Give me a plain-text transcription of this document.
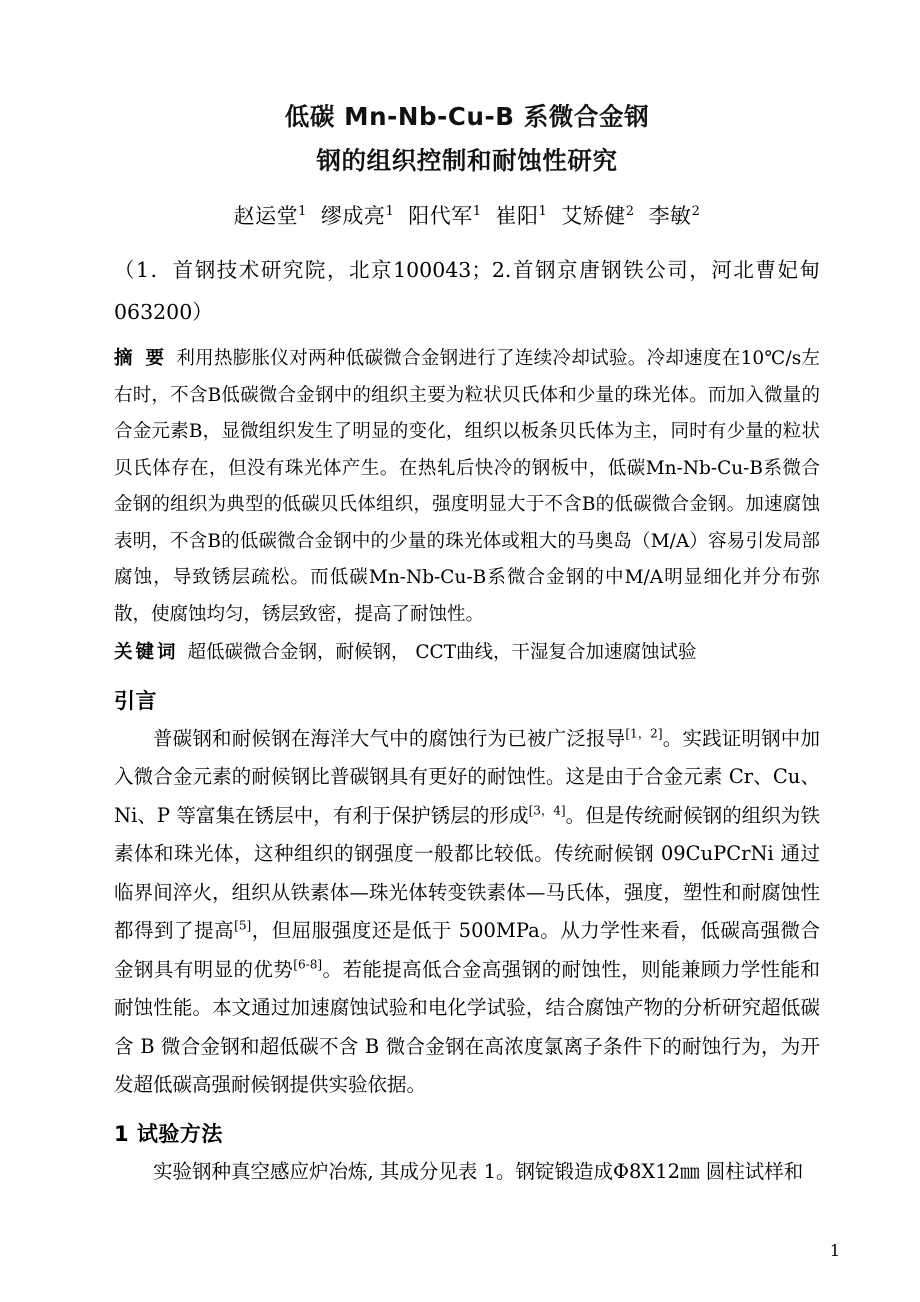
低碳 Mn-Nb-Cu-B 系微合金钢
钢的组织控制和耐蚀性研究
赵运堂$^1$ 缪成亮$^1$ 阳代军$^1$ 崔阳$^1$ 艾矫健$^2$ 李敏$^2$
（1．首钢技术研究院，北京100043；2.首钢京唐钢铁公司，河北曹妃甸 063200）
摘 要 利用热膨胀仪对两种低碳微合金钢进行了连续冷却试验。冷却速度在10℃/s左右时，不含B低碳微合金钢中的组织主要为粒状贝氏体和少量的珠光体。而加入微量的合金元素B，显微组织发生了明显的变化，组织以板条贝氏体为主，同时有少量的粒状贝氏体存在，但没有珠光体产生。在热轧后快冷的钢板中，低碳Mn-Nb-Cu-B系微合金钢的组织为典型的低碳贝氏体组织，强度明显大于不含B的低碳微合金钢。加速腐蚀表明，不含B的低碳微合金钢中的少量的珠光体或粗大的马奥岛（M/A）容易引发局部腐蚀，导致锈层疏松。而低碳Mn-Nb-Cu-B系微合金钢的中M/A明显细化并分布弥散，使腐蚀均匀，锈层致密，提高了耐蚀性。
关键词 超低碳微合金钢，耐候钢， CCT曲线，干湿复合加速腐蚀试验
引言

普碳钢和耐候钢在海洋大气中的腐蚀行为已被广泛报导[1，2]。实践证明钢中加入微合金元素的耐候钢比普碳钢具有更好的耐蚀性。这是由于合金元素 Cr、Cu、Ni、P 等富集在锈层中，有利于保护锈层的形成[3，4]。但是传统耐候钢的组织为铁素体和珠光体，这种组织的钢强度一般都比较低。传统耐候钢 09CuPCrNi 通过临界间淬火，组织从铁素体—珠光体转变铁素体—马氏体，强度，塑性和耐腐蚀性都得到了提高[5]，但屈服强度还是低于 500MPa。从力学性来看，低碳高强微合金钢具有明显的优势[6-8]。若能提高低合金高强钢的耐蚀性，则能兼顾力学性能和耐蚀性能。本文通过加速腐蚀试验和电化学试验，结合腐蚀产物的分析研究超低碳含 B 微合金钢和超低碳不含 B 微合金钢在高浓度氯离子条件下的耐蚀行为，为开发超低碳高强耐候钢提供实验依据。

1 试验方法

实验钢种真空感应炉冶炼, 其成分见表 1。钢锭锻造成Φ8X12㎜ 圆柱试样和

1
